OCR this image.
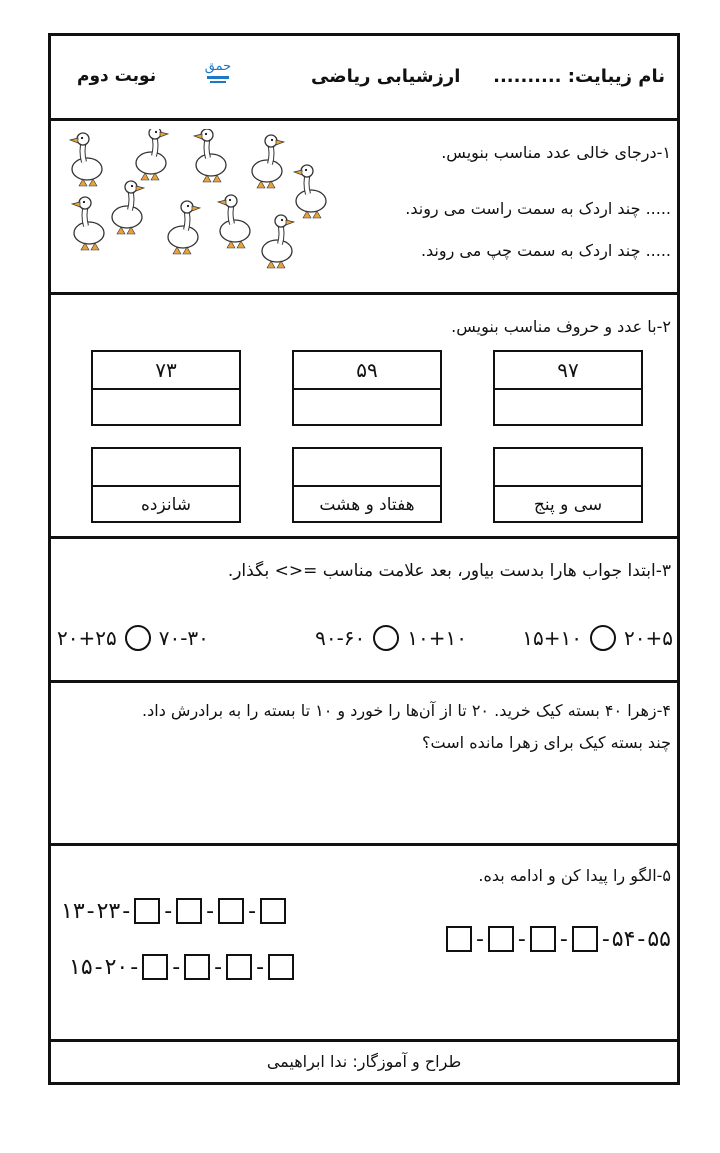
نام زیبایت: ..........
ارزشیابی ریاضی
نوبت دوم	حمق
۱-درجای خالی عدد مناسب بنویس.
..... چند اردک به سمت راست می روند.
..... چند اردک به سمت چپ می روند.
۲-با عدد و حروف مناسب بنویس.
۹۷
۵۹
۷۳
سی و پنج
هفتاد و هشت
شانزده
۳-ابتدا جواب هارا بدست بیاور، بعد علامت مناسب =<> بگذار.
۱۵+۱۰ ۲۰+۵
۹۰-۶۰ ۱۰+۱۰
۲۰+۲۵ ۷۰-۳۰
۴-زهرا ۴۰ بسته کیک خرید. ۲۰ تا از آن‌ها را خورد و ۱۰ تا بسته را به برادرش داد.
چند بسته کیک برای زهرا مانده است؟
۵-الگو را پیدا کن و ادامه بده.
۱۳ - ۲۳ - - - -
۱۵ - ۲۰ - - - -
- - - - ۵۴ - ۵۵
طراح و آموزگار: ندا ابراهیمی
